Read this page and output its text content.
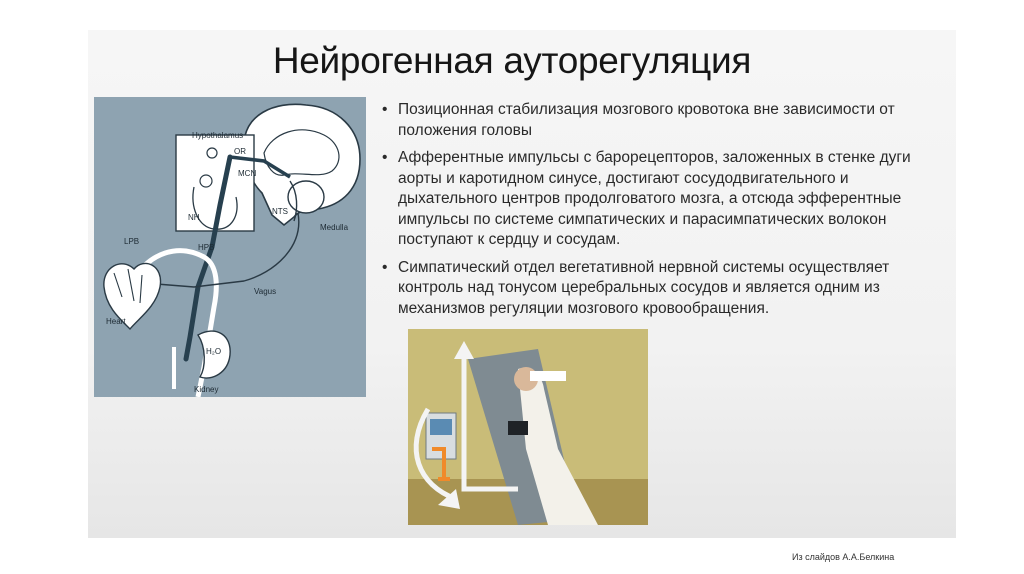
Нейрогенная ауторегуляция
Hypothalamus
OR
MCN
NH
NTS
Medulla
LPB
HPB
Vagus
Heart
H₂O
Kidney
• Позиционная стабилизация мозгового кровотока вне зависимости от положения головы
• Афферентные импульсы с барорецепторов, заложенных в стенке дуги аорты и каротидном синусе, достигают сосудодвигательного и дыхательного центров продолговатого мозга, а отсюда эфферентные импульсы по системе симпатических и парасимпатических волокон поступают к сердцу и сосудам.
• Симпатический отдел вегетативной нервной системы осуществляет контроль над тонусом церебральных сосудов и является одним из механизмов регуляции мозгового кровообращения.
Из слайдов А.А.Белкина
